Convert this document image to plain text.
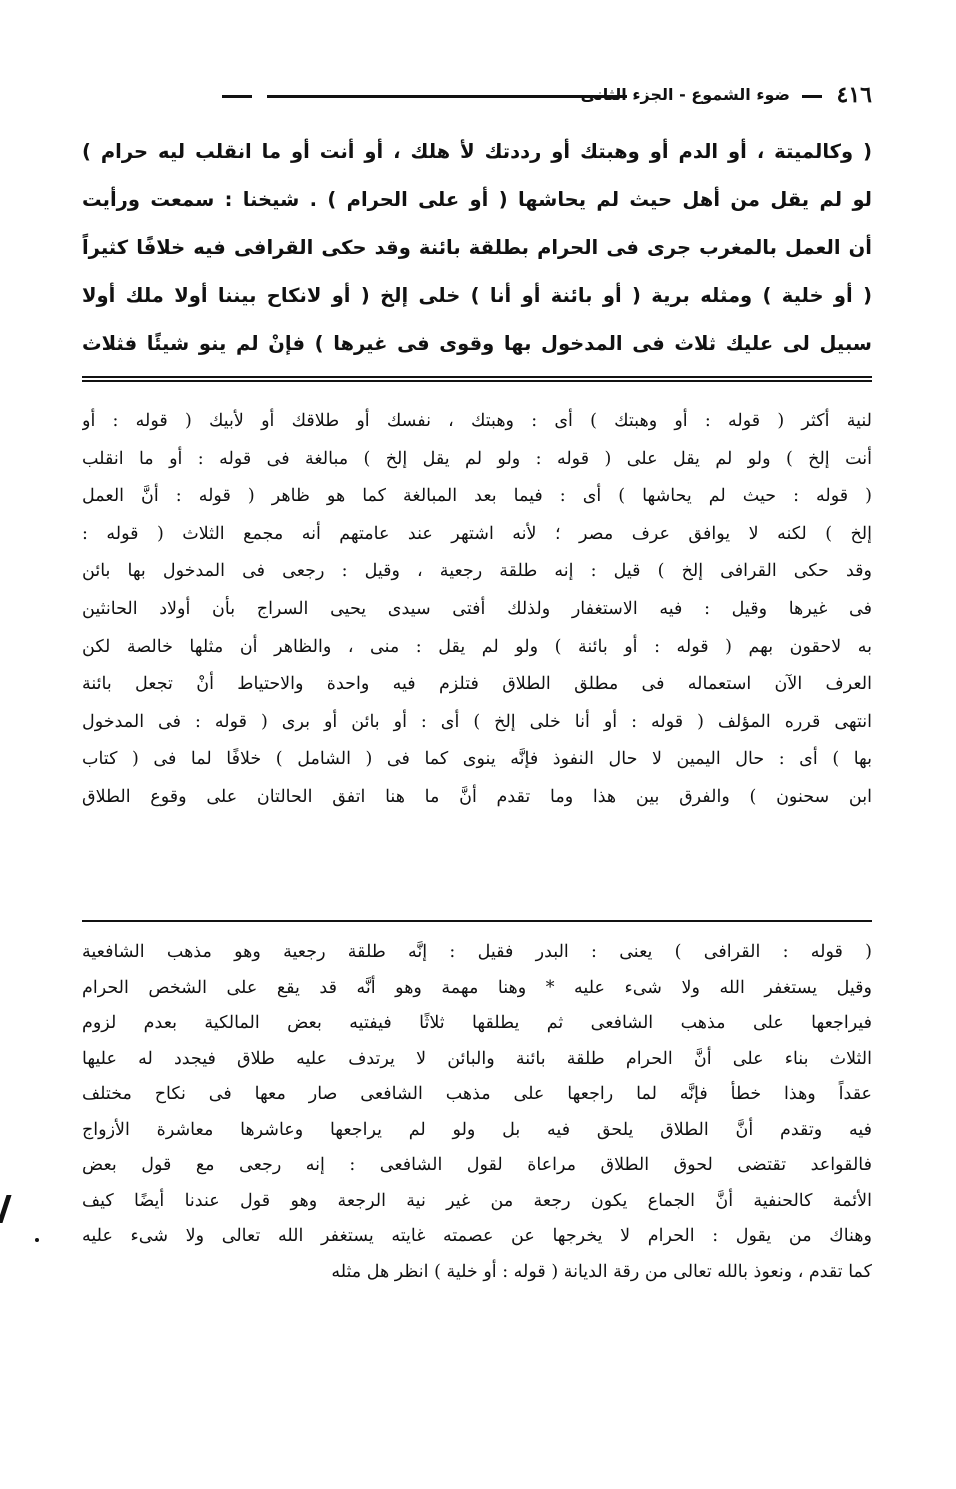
٤١٦
ضوء الشموع - الجزء الثانى
( وكالميتة ، أو الدم أو وهبتك أو رددتك لأ هلك ، أو أنت أو ما انقلب ليه حرام )
لو لم يقل من أهل حيث لم يحاشها ( أو على الحرام ) . شيخنا : سمعت ورأيت
أن العمل بالمغرب جرى فى الحرام بطلقة بائنة وقد حكى القرافى فيه خلافًا كثيراً
( أو خلية ) ومثله برية ( أو بائنة أو أنا ) خلى إلخ ( أو لانكاح بيننا أولا ملك أولا
سبيل لى عليك ثلاث فى المدخول بها وقوى فى غيرها ) فإنْ لم ينو شيئًا فثلاث
لنية أكثر ( قوله : أو وهبتك ) أى : وهبتك ، نفسك أو طلاقك أو لأبيك ( قوله : أو
أنت إلخ ) ولو لم يقل على ( قوله : ولو لم يقل إلخ ) مبالغة فى قوله : أو ما انقلب
( قوله : حيث لم يحاشها ) أى : فيما بعد المبالغة كما هو ظاهر ( قوله : أنَّ العمل
إلخ ) لكنه لا يوافق عرف مصر ؛ لأنه اشتهر عند عامتهم أنه مجمع الثلاث ( قوله :
وقد حكى القرافى إلخ ) قيل : إنه طلقة رجعية ، وقيل : رجعى فى المدخول بها بائن
فى غيرها وقيل : فيه الاستغفار ولذلك أفتى سيدى يحيى السراج بأن أولاد الحانثين
به لاحقون بهم ( قوله : أو بائنة ) ولو لم يقل : منى ، والظاهر أن مثلها خالصة لكن
العرف الآن استعماله فى مطلق الطلاق فتلزم فيه واحدة والاحتياط أنْ تجعل بائنة
انتهى قرره المؤلف ( قوله : أو أنا خلى إلخ ) أى : أو بائن أو برى ( قوله : فى المدخول
بها ) أى : حال اليمين لا حال النفوذ فإنَّه ينوى كما فى ( الشامل ) خلافًا لما فى ( كتاب
ابن سحنون ) والفرق بين هذا وما تقدم أنَّ ما هنا اتفق الحالتان على وقوع الطلاق
( قوله : القرافى ) يعنى : البدر فقيل : إنَّه طلقة رجعية وهو مذهب الشافعية
وقيل يستغفر الله ولا شىء عليه * وهنا مهمة وهو أنَّه قد يقع على الشخص الحرام
فيراجعها على مذهب الشافعى ثم يطلقها ثلاثًا فيفتيه بعض المالكية بعدم لزوم
الثلاث بناء على أنَّ الحرام طلقة بائنة والبائن لا يرتدف عليه طلاق فيجدد له عليها
عقداً وهذا خطأ فإنَّه لما راجعها على مذهب الشافعى صار معها فى نكاح مختلف
فيه وتقدم أنَّ الطلاق يلحق فيه بل ولو لم يراجعها وعاشرها معاشرة الأزواج
فالقواعد تقتضى لحوق الطلاق مراعاة لقول الشافعى : إنه رجعى مع قول بعض
الأئمة كالحنفية أنَّ الجماع يكون رجعة من غير نية الرجعة وهو قول عندنا أيضًا كيف
وهناك من يقول : الحرام لا يخرجها عن عصمته غايته يستغفر الله تعالى ولا شىء عليه
كما تقدم ، ونعوذ بالله تعالى من رقة الديانة ( قوله : أو خلية ) انظر هل مثله
